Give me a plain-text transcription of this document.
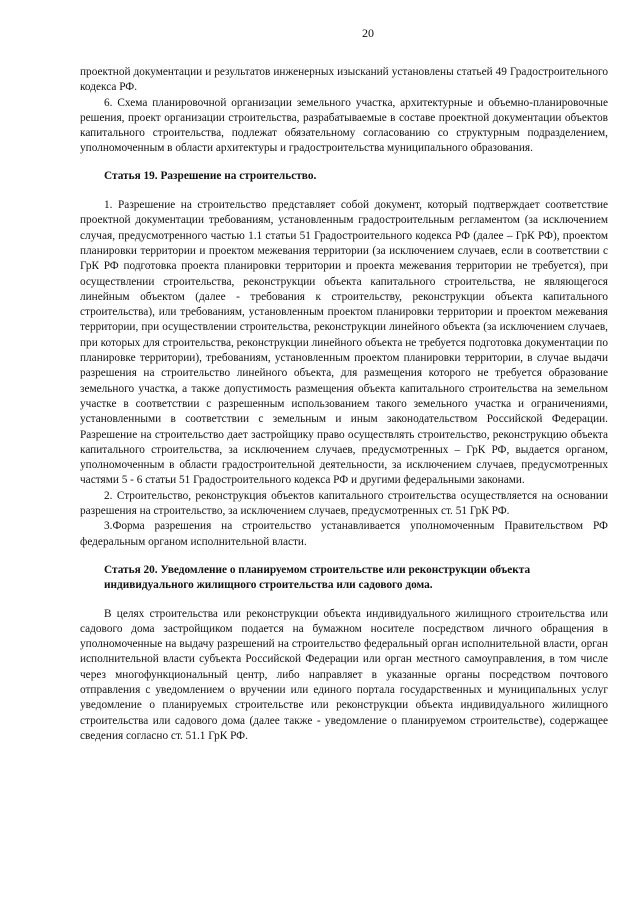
20

проектной документации и результатов инженерных изысканий установлены статьей 49 Градостроительного кодекса РФ.

6. Схема планировочной организации земельного участка, архитектурные и объемно-планировочные решения, проект организации строительства, разрабатываемые в составе проектной документации объектов капитального строительства, подлежат обязательному согласованию со структурным подразделением, уполномоченным в области архитектуры и градостроительства муниципального образования.

Статья 19. Разрешение на строительство.

1. Разрешение на строительство представляет собой документ, который подтверждает соответствие проектной документации требованиям, установленным градостроительным регламентом (за исключением случая, предусмотренного частью 1.1 статьи 51 Градостроительного кодекса РФ (далее – ГрК РФ), проектом планировки территории и проектом межевания территории (за исключением случаев, если в соответствии с ГрК РФ подготовка проекта планировки территории и проекта межевания территории не требуется), при осуществлении строительства, реконструкции объекта капитального строительства, не являющегося линейным объектом (далее - требования к строительству, реконструкции объекта капитального строительства), или требованиям, установленным проектом планировки территории и проектом межевания территории, при осуществлении строительства, реконструкции линейного объекта (за исключением случаев, при которых для строительства, реконструкции линейного объекта не требуется подготовка документации по планировке территории), требованиям, установленным проектом планировки территории, в случае выдачи разрешения на строительство линейного объекта, для размещения которого не требуется образование земельного участка, а также допустимость размещения объекта капитального строительства на земельном участке в соответствии с разрешенным использованием такого земельного участка и ограничениями, установленными в соответствии с земельным и иным законодательством Российской Федерации. Разрешение на строительство дает застройщику право осуществлять строительство, реконструкцию объекта капитального строительства, за исключением случаев, предусмотренных – ГрК РФ, выдается органом, уполномоченным в области градостроительной деятельности, за исключением случаев, предусмотренных частями 5 - 6 статьи 51 Градостроительного кодекса РФ и другими федеральными законами.

2. Строительство, реконструкция объектов капитального строительства осуществляется на основании разрешения на строительство, за исключением случаев, предусмотренных ст. 51 ГрК РФ.

3.Форма разрешения на строительство устанавливается уполномоченным Правительством РФ федеральным органом исполнительной власти.

Статья 20. Уведомление о планируемом строительстве или реконструкции объекта индивидуального жилищного строительства или садового дома.

В целях строительства или реконструкции объекта индивидуального жилищного строительства или садового дома застройщиком подается на бумажном носителе посредством личного обращения в уполномоченные на выдачу разрешений на строительство федеральный орган исполнительной власти, орган исполнительной власти субъекта Российской Федерации или орган местного самоуправления, в том числе через многофункциональный центр, либо направляет в указанные органы посредством почтового отправления с уведомлением о вручении или единого портала государственных и муниципальных услуг уведомление о планируемых строительстве или реконструкции объекта индивидуального жилищного строительства или садового дома (далее также - уведомление о планируемом строительстве), содержащее сведения согласно ст. 51.1 ГрК РФ.
